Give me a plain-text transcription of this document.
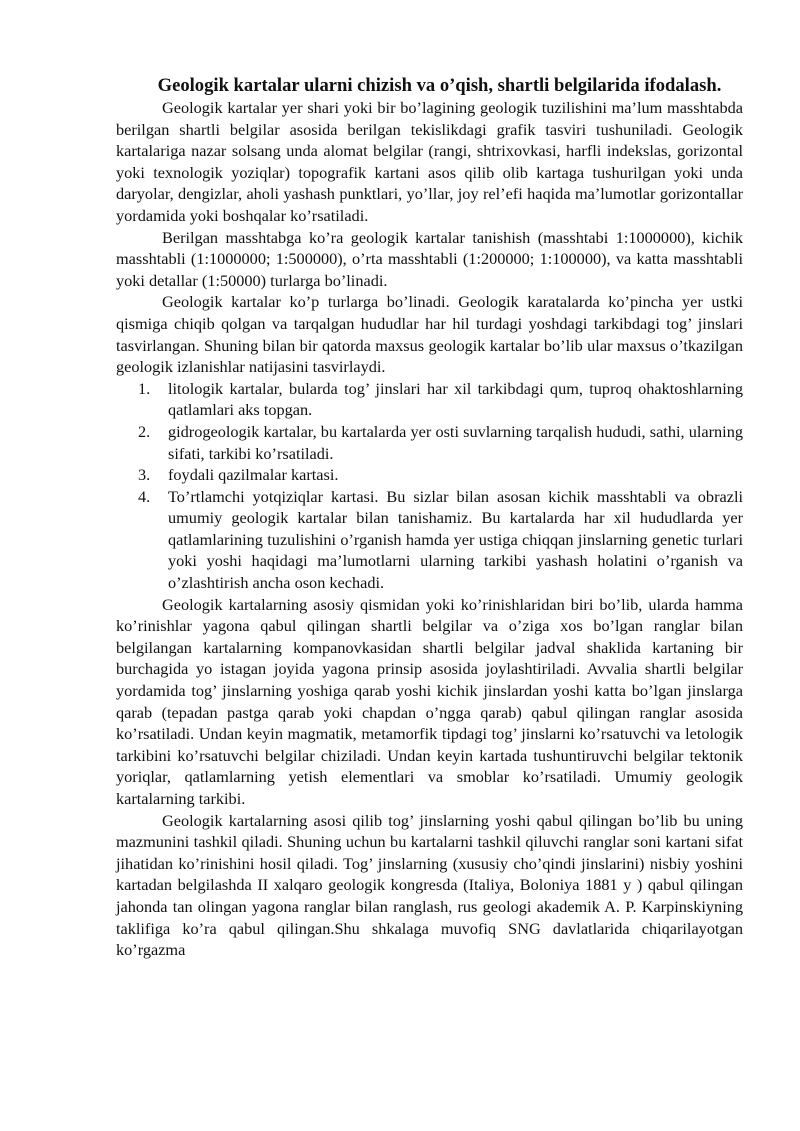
Geologik kartalar ularni chizish va o’qish, shartli belgilarida ifodalash.

Geologik kartalar yer shari yoki bir bo’lagining geologik tuzilishini ma’lum masshtabda berilgan shartli belgilar asosida berilgan tekislikdagi grafik tasviri tushuniladi. Geologik kartalariga nazar solsang unda alomat belgilar (rangi, shtrixovkasi, harfli indekslas, gorizontal yoki texnologik yoziqlar) topografik kartani asos qilib olib kartaga tushurilgan yoki unda daryolar, dengizlar, aholi yashash punktlari, yo’llar, joy rel’efi haqida ma’lumotlar gorizontallar yordamida yoki boshqalar ko’rsatiladi.

Berilgan masshtabga ko’ra geologik kartalar tanishish (masshtabi 1:1000000), kichik masshtabli (1:1000000; 1:500000), o’rta masshtabli (1:200000; 1:100000), va katta masshtabli yoki detallar (1:50000) turlarga bo’linadi.

Geologik kartalar ko’p turlarga bo’linadi. Geologik karatalarda ko’pincha yer ustki qismiga chiqib qolgan va tarqalgan hududlar har hil turdagi yoshdagi tarkibdagi tog’ jinslari tasvirlangan. Shuning bilan bir qatorda maxsus geologik kartalar bo’lib ular maxsus o’tkazilgan geologik izlanishlar natijasini tasvirlaydi.

1. litologik kartalar, bularda tog’ jinslari har xil tarkibdagi qum, tuproq ohaktoshlarning qatlamlari aks topgan.
2. gidrogeologik kartalar, bu kartalarda yer osti suvlarning tarqalish hududi, sathi, ularning sifati, tarkibi ko’rsatiladi.
3. foydali qazilmalar kartasi.
4. To’rtlamchi yotqiziqlar kartasi. Bu sizlar bilan asosan kichik masshtabli va obrazli umumiy geologik kartalar bilan tanishamiz. Bu kartalarda har xil hududlarda yer qatlamlarining tuzulishini o’rganish hamda yer ustiga chiqqan jinslarning genetic turlari yoki yoshi haqidagi ma’lumotlarni ularning tarkibi yashash holatini o’rganish va o’zlashtirish ancha oson kechadi.

Geologik kartalarning asosiy qismidan yoki ko’rinishlaridan biri bo’lib, ularda hamma ko’rinishlar yagona qabul qilingan shartli belgilar va o’ziga xos bo’lgan ranglar bilan belgilangan kartalarning kompanovkasidan shartli belgilar jadval shaklida kartaning bir burchagida yo istagan joyida yagona prinsip asosida joylashtiriladi. Avvalia shartli belgilar yordamida tog’ jinslarning yoshiga qarab yoshi kichik jinslardan yoshi katta bo’lgan jinslarga qarab (tepadan pastga qarab yoki chapdan o’ngga qarab) qabul qilingan ranglar asosida ko’rsatiladi. Undan keyin magmatik, metamorfik tipdagi tog’ jinslarni ko’rsatuvchi va letologik tarkibini ko’rsatuvchi belgilar chiziladi. Undan keyin kartada tushuntiruvchi belgilar tektonik yoriqlar, qatlamlarning yetish elementlari va smoblar ko’rsatiladi. Umumiy geologik kartalarning tarkibi.

Geologik kartalarning asosi qilib tog’ jinslarning yoshi qabul qilingan bo’lib bu uning mazmunini tashkil qiladi. Shuning uchun bu kartalarni tashkil qiluvchi ranglar soni kartani sifat jihatidan ko’rinishini hosil qiladi. Tog’ jinslarning (xususiy cho’qindi jinslarini) nisbiy yoshini kartadan belgilashda II xalqaro geologik kongresda (Italiya, Boloniya 1881 y ) qabul qilingan jahonda tan olingan yagona ranglar bilan ranglash, rus geologi akademik A. P. Karpinskiyning taklifiga ko’ra qabul qilingan.Shu shkalaga muvofiq SNG davlatlarida chiqarilayotgan ko’rgazma
